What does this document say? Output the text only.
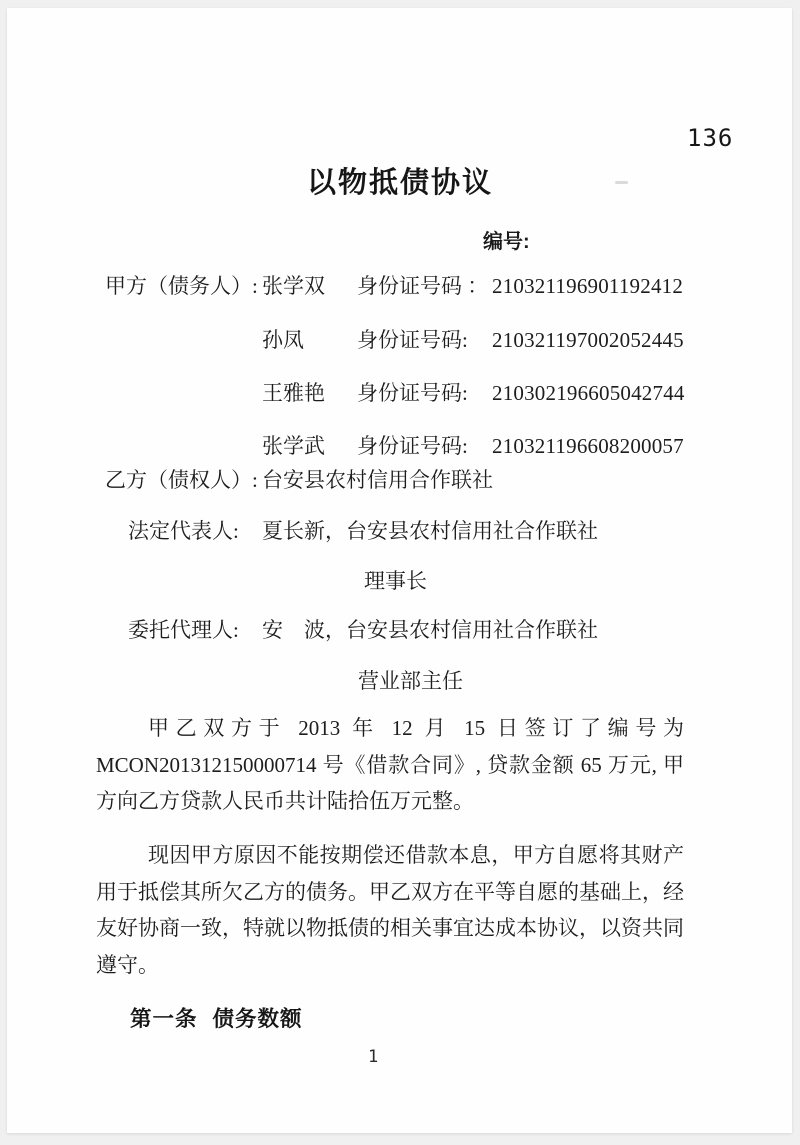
136
以物抵债协议
编号:
甲方（债务人）: 张学双	身份证号码 ： 210321196901192412
孙凤	身份证号码:	210321197002052445
王雅艳	身份证号码:	210302196605042744
张学武	身份证号码:	210321196608200057
乙方（债权人）: 台安县农村信用合作联社
法定代表人:	夏长新，台安县农村信用社合作联社
理事长
委托代理人:	安　波，台安县农村信用社合作联社
营业部主任

甲乙双方于 2013 年 12 月 15 日签订了编号为MCON201312150000714 号《借款合同》, 贷款金额 65 万元, 甲方向乙方贷款人民币共计陆拾伍万元整。

现因甲方原因不能按期偿还借款本息，甲方自愿将其财产用于抵偿其所欠乙方的债务。甲乙双方在平等自愿的基础上，经友好协商一致，特就以物抵债的相关事宜达成本协议，以资共同遵守。

第一条 债务数额
1
